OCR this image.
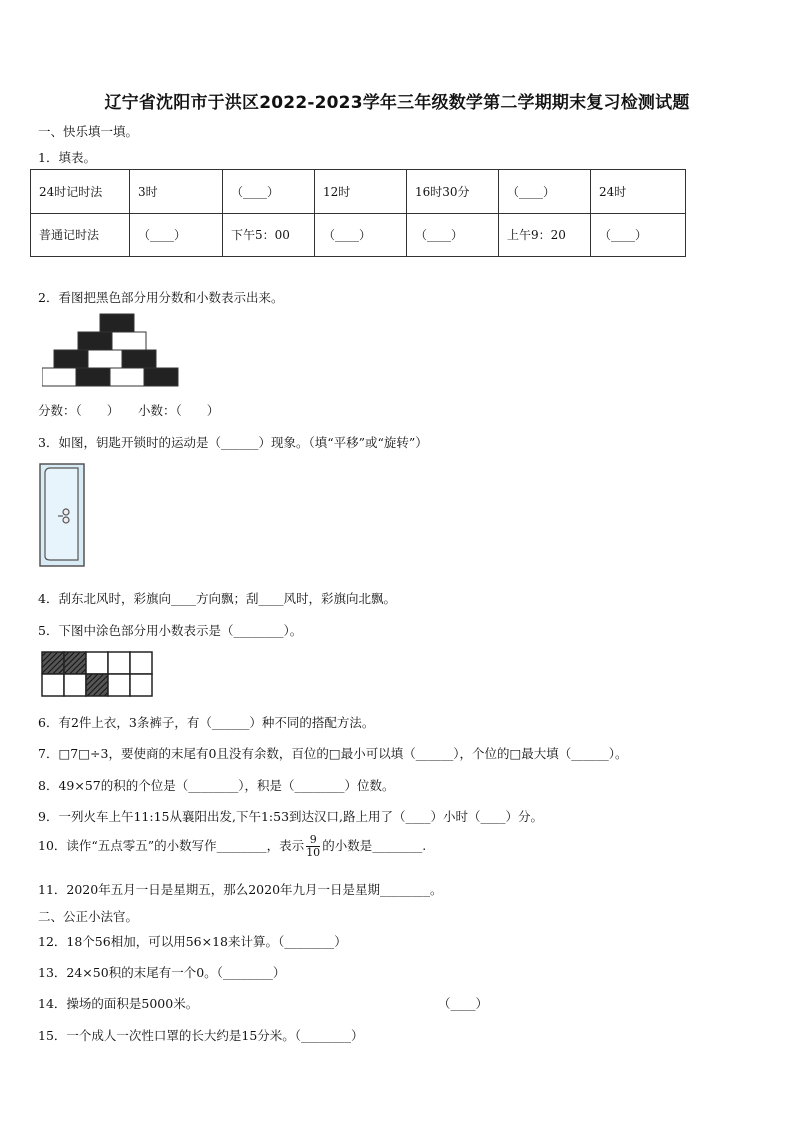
辽宁省沈阳市于洪区2022-2023学年三年级数学第二学期期末复习检测试题
一、快乐填一填。
1．填表。
24时记时法	3时	（____）	12时	16时30分	（____）	24时
普通记时法	（____）	下午5：00	（____）	（____）	上午9：20	（____）
2．看图把黑色部分用分数和小数表示出来。
分数：（　　）　　小数：（　　）
3．如图，钥匙开锁时的运动是（______）现象。（填“平移”或“旋转”）
4．刮东北风时，彩旗向____方向飘；刮____风时，彩旗向北飘。
5．下图中涂色部分用小数表示是（________）。
6．有2件上衣，3条裤子，有（______）种不同的搭配方法。
7．□7□÷3，要使商的末尾有0且没有余数，百位的□最小可以填（______），个位的□最大填（______）。
8．49×57的积的个位是（________），积是（________）位数。
9．一列火车上午11:15从襄阳出发,下午1:53到达汉口,路上用了（____）小时（____）分。
10．读作“五点零五”的小数写作________，表示 $\frac{9}{10}$ 的小数是________.
11．2020年五月一日是星期五，那么2020年九月一日是星期________。
二、公正小法官。
12．18个56相加，可以用56×18来计算。（________）
13．24×50积的末尾有一个0。（________）
14．操场的面积是5000米。	（____）
15．一个成人一次性口罩的长大约是15分米。（________）
